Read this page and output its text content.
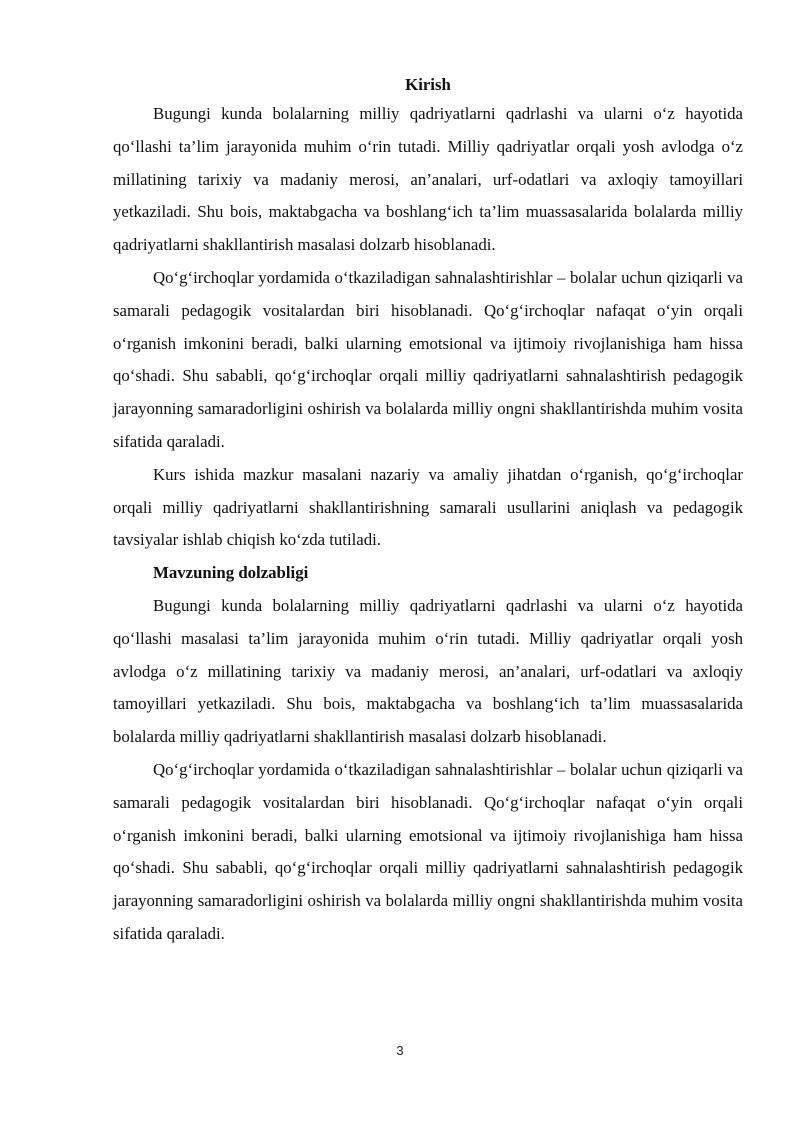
Kirish

Bugungi kunda bolalarning milliy qadriyatlarni qadrlashi va ularni o‘z hayotida qo‘llashi ta’lim jarayonida muhim o‘rin tutadi. Milliy qadriyatlar orqali yosh avlodga o‘z millatining tarixiy va madaniy merosi, an’analari, urf-odatlari va axloqiy tamoyillari yetkaziladi. Shu bois, maktabgacha va boshlang‘ich ta’lim muassasalarida bolalarda milliy qadriyatlarni shakllantirish masalasi dolzarb hisoblanadi.

Qo‘g‘irchoqlar yordamida o‘tkaziladigan sahnalashtirishlar – bolalar uchun qiziqarli va samarali pedagogik vositalardan biri hisoblanadi. Qo‘g‘irchoqlar nafaqat o‘yin orqali o‘rganish imkonini beradi, balki ularning emotsional va ijtimoiy rivojlanishiga ham hissa qo‘shadi. Shu sababli, qo‘g‘irchoqlar orqali milliy qadriyatlarni sahnalashtirish pedagogik jarayonning samaradorligini oshirish va bolalarda milliy ongni shakllantirishda muhim vosita sifatida qaraladi.

Kurs ishida mazkur masalani nazariy va amaliy jihatdan o‘rganish, qo‘g‘irchoqlar orqali milliy qadriyatlarni shakllantirishning samarali usullarini aniqlash va pedagogik tavsiyalar ishlab chiqish ko‘zda tutiladi.

Mavzuning dolzabligi

Bugungi kunda bolalarning milliy qadriyatlarni qadrlashi va ularni o‘z hayotida qo‘llashi masalasi ta’lim jarayonida muhim o‘rin tutadi. Milliy qadriyatlar orqali yosh avlodga o‘z millatining tarixiy va madaniy merosi, an’analari, urf-odatlari va axloqiy tamoyillari yetkaziladi. Shu bois, maktabgacha va boshlang‘ich ta’lim muassasalarida bolalarda milliy qadriyatlarni shakllantirish masalasi dolzarb hisoblanadi.

Qo‘g‘irchoqlar yordamida o‘tkaziladigan sahnalashtirishlar – bolalar uchun qiziqarli va samarali pedagogik vositalardan biri hisoblanadi. Qo‘g‘irchoqlar nafaqat o‘yin orqali o‘rganish imkonini beradi, balki ularning emotsional va ijtimoiy rivojlanishiga ham hissa qo‘shadi. Shu sababli, qo‘g‘irchoqlar orqali milliy qadriyatlarni sahnalashtirish pedagogik jarayonning samaradorligini oshirish va bolalarda milliy ongni shakllantirishda muhim vosita sifatida qaraladi.

3
